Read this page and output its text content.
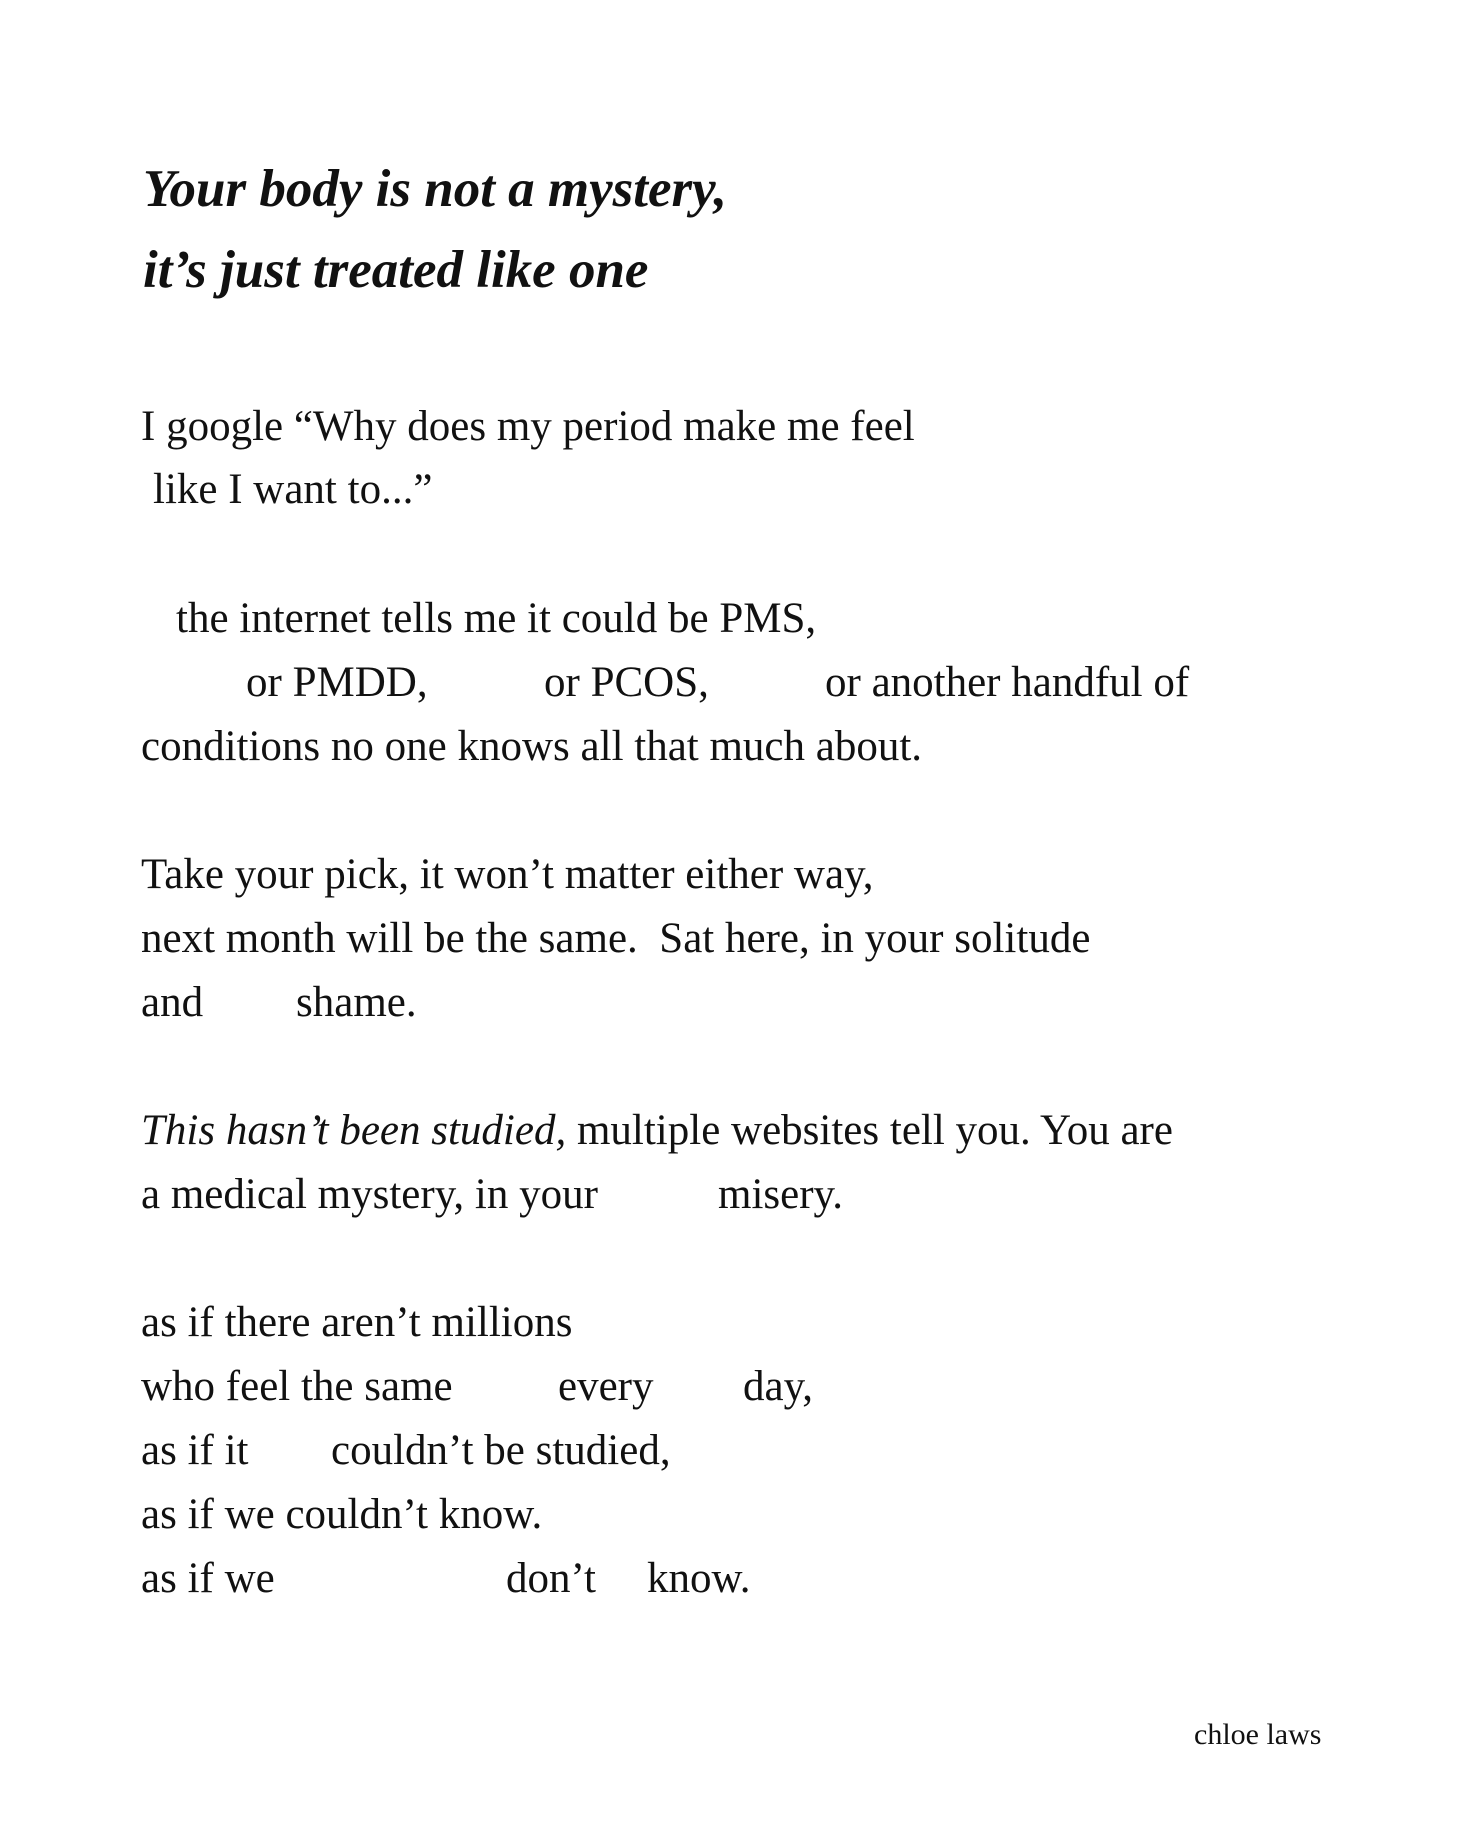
Your body is not a mystery,
it’s just treated like one
I google “Why does my period make me feel
like I want to...”
the internet tells me it could be PMS,
or PMDD,	or PCOS,	or another handful of
conditions no one knows all that much about.
Take your pick, it won’t matter either way,
next month will be the same.  Sat here, in your solitude
and shame.
This hasn’t been studied, multiple websites tell you. You are
a medical mystery, in your	misery.
as if there aren’t millions
who feel the same every day,
as if it couldn’t be studied,
as if we couldn’t know.
as if we	don’t know.
chloe laws
